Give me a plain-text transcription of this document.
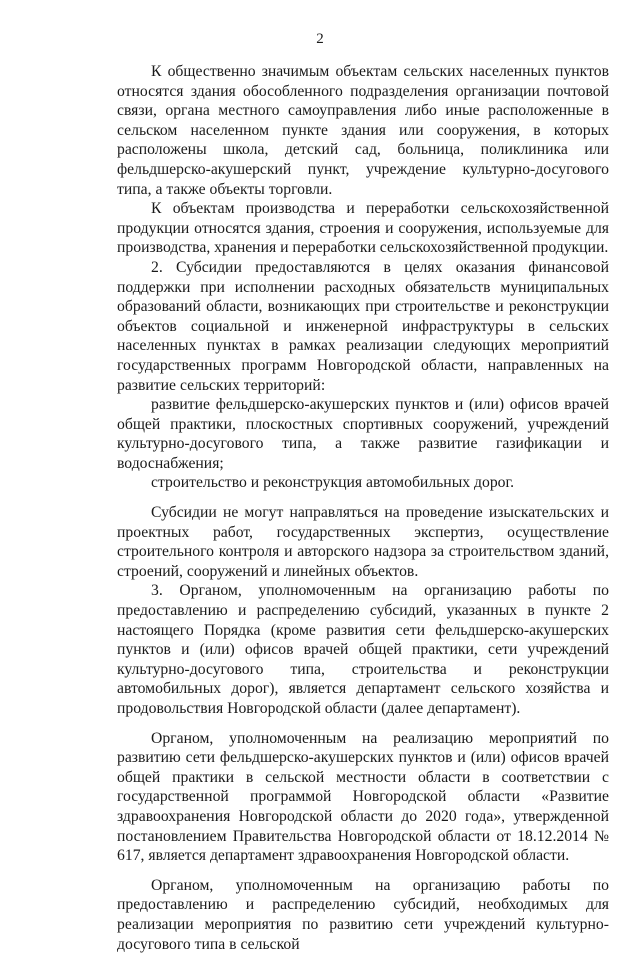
2

К общественно значимым объектам сельских населенных пунктов относятся здания обособленного подразделения организации почтовой связи, органа местного самоуправления либо иные расположенные в сельском населенном пункте здания или сооружения, в которых расположены школа, детский сад, больница, поликлиника или фельдшерско-акушерский пункт, учреждение культурно-досугового типа, а также объекты торговли.

К объектам производства и переработки сельскохозяйственной продукции относятся здания, строения и сооружения, используемые для производства, хранения и переработки сельскохозяйственной продукции.

2. Субсидии предоставляются в целях оказания финансовой поддержки при исполнении расходных обязательств муниципальных образований области, возникающих при строительстве и реконструкции объектов социальной и инженерной инфраструктуры в сельских населенных пунктах в рамках реализации следующих мероприятий государственных программ Новгородской области, направленных на развитие сельских территорий:

развитие фельдшерско-акушерских пунктов и (или) офисов врачей общей практики, плоскостных спортивных сооружений, учреждений культурно-досугового типа, а также развитие газификации и водоснабжения;

строительство и реконструкция автомобильных дорог.

Субсидии не могут направляться на проведение изыскательских и проектных работ, государственных экспертиз, осуществление строительного контроля и авторского надзора за строительством зданий, строений, сооружений и линейных объектов.

3. Органом, уполномоченным на организацию работы по предоставлению и распределению субсидий, указанных в пункте 2 настоящего Порядка (кроме развития сети фельдшерско-акушерских пунктов и (или) офисов врачей общей практики, сети учреждений культурно-досугового типа, строительства и реконструкции автомобильных дорог), является департамент сельского хозяйства и продовольствия Новгородской области (далее департамент).

Органом, уполномоченным на реализацию мероприятий по развитию сети фельдшерско-акушерских пунктов и (или) офисов врачей общей практики в сельской местности области в соответствии с государственной программой Новгородской области «Развитие здравоохранения Новгородской области до 2020 года», утвержденной постановлением Правительства Новгородской области от 18.12.2014 № 617, является департамент здравоохранения Новгородской области.

Органом, уполномоченным на организацию работы по предоставлению и распределению субсидий, необходимых для реализации мероприятия по развитию сети учреждений культурно-досугового типа в сельской
